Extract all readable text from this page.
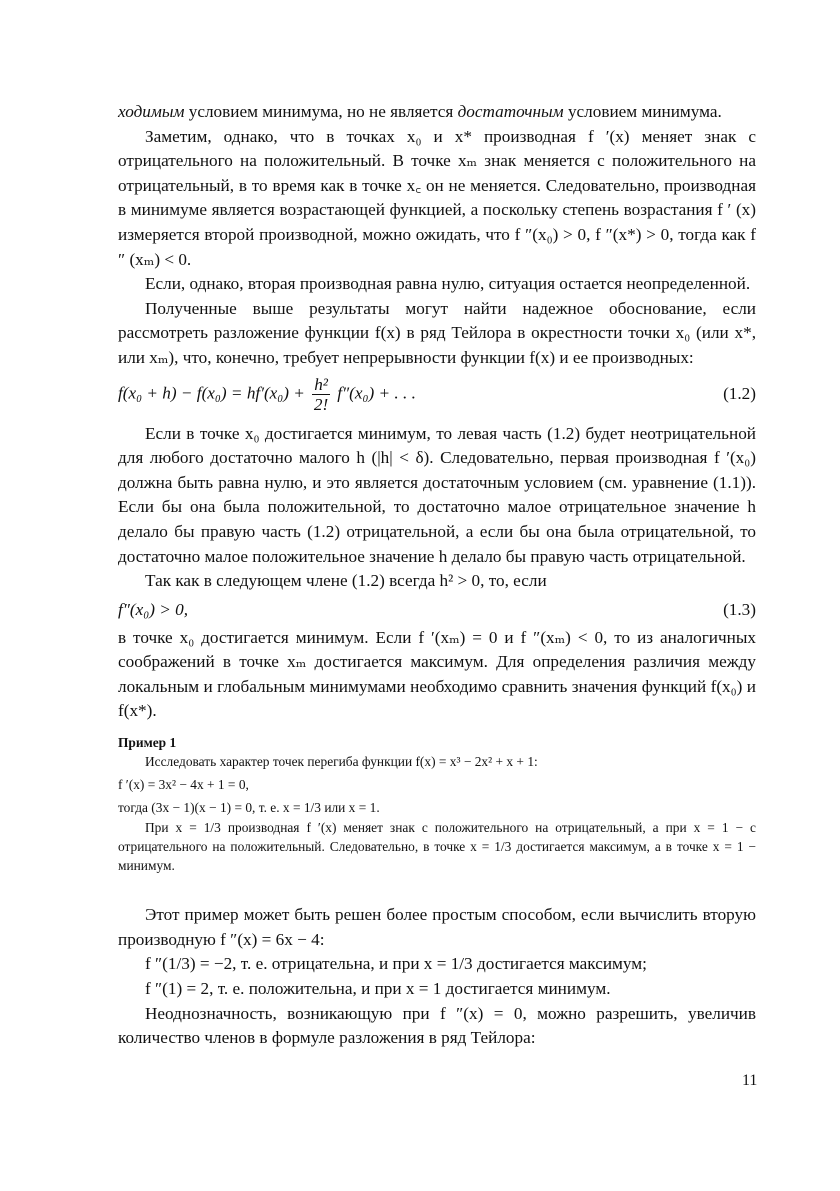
ходимым условием минимума, но не является достаточным условием минимума.

Заметим, однако, что в точках x₀ и x* производная f ′(x) меняет знак с отрицательного на положительный. В точке xₘ знак меняется с положительного на отрицательный, в то время как в точке x꜀ он не меняется. Следовательно, производная в минимуме является возрастающей функцией, а поскольку степень возрастания f ′ (x) измеряется второй производной, можно ожидать, что f ″(x₀) > 0, f ″(x*) > 0, тогда как f ″ (xₘ) < 0.

Если, однако, вторая производная равна нулю, ситуация остается неопределенной.

Полученные выше результаты могут найти надежное обоснование, если рассмотреть разложение функции f(x) в ряд Тейлора в окрестности точки x₀ (или x*, или xₘ), что, конечно, требует непрерывности функции f(x) и ее производных:

$f(x_0 + h) - f(x_0) = hf'(x_0) + \frac{\text{h²}}{2!} f''(x_0)$ + . . .	(1.2)

Если в точке x₀ достигается минимум, то левая часть (1.2) будет неотрицательной для любого достаточно малого h (|h| < δ). Следовательно, первая производная f ′(x₀) должна быть равна нулю, и это является достаточным условием (см. уравнение (1.1)). Если бы она была положительной, то достаточно малое отрицательное значение h делало бы правую часть (1.2) отрицательной, а если бы она была отрицательной, то достаточно малое положительное значение h делало бы правую часть отрицательной.

Так как в следующем члене (1.2) всегда h² > 0, то, если

f″(x₀) > 0,	(1.3)

в точке x₀ достигается минимум. Если f ′(xₘ) = 0 и f ″(xₘ) < 0, то из аналогичных соображений в точке xₘ достигается максимум. Для определения различия между локальным и глобальным минимумами необходимо сравнить значения функций f(x₀) и f(x*).

Пример 1

Исследовать характер точек перегиба функции f(x) = x³ − 2x² + x + 1:

f ′(x) = 3x² − 4x + 1 = 0,

тогда (3x − 1)(x − 1) = 0, т. е. x = 1/3 или x = 1.

При x = 1/3 производная f ′(x) меняет знак с положительного на отрицательный, а при x = 1 − с отрицательного на положительный. Следовательно, в точке x = 1/3 достигается максимум, а в точке x = 1 − минимум.

Этот пример может быть решен более простым способом, если вычислить вторую производную f ″(x) = 6x − 4:

f ″(1/3) = −2, т. е. отрицательна, и при x = 1/3 достигается максимум;

f ″(1) = 2, т. е. положительна, и при x = 1 достигается минимум.

Неоднозначность, возникающую при f ″(x) = 0, можно разрешить, увеличив количество членов в формуле разложения в ряд Тейлора:

11
